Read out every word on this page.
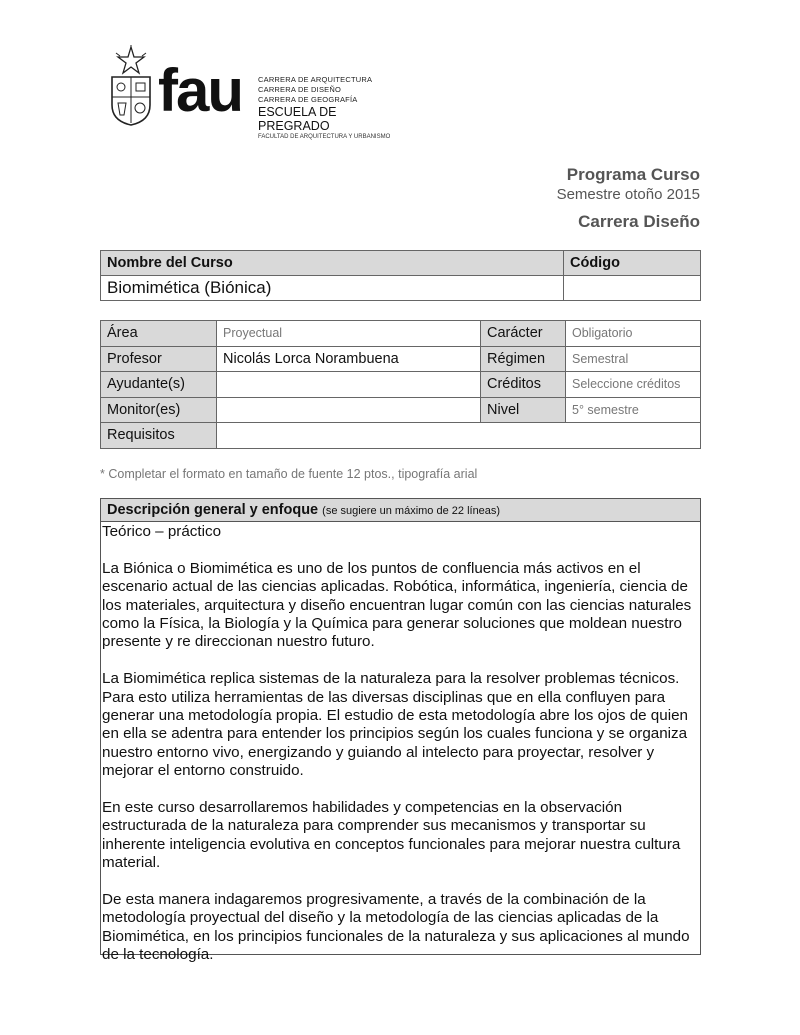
fau CARRERA DE ARQUITECTURA
CARRERA DE DISEÑO
CARRERA DE GEOGRAFÍA
ESCUELA DE PREGRADO
FACULTAD DE ARQUITECTURA Y URBANISMO
Programa Curso
Semestre otoño 2015
Carrera Diseño
Nombre del Curso	Código
Biomimética (Biónica)	
Área	Proyectual	Carácter	Obligatorio
Profesor	Nicolás Lorca Norambuena	Régimen	Semestral
Ayudante(s)		Créditos	Seleccione créditos
Monitor(es)		Nivel	5° semestre
Requisitos			
* Completar el formato en tamaño de fuente 12 ptos., tipografía arial
Descripción general y enfoque (se sugiere un máximo de 22 líneas)

Teórico – práctico

La Biónica o Biomimética es uno de los puntos de confluencia más activos en el escenario actual de las ciencias aplicadas. Robótica, informática, ingeniería, ciencia de los materiales, arquitectura y diseño encuentran lugar común con las ciencias naturales como la Física, la Biología y la Química para generar soluciones que moldean nuestro presente y re direccionan nuestro futuro.

La Biomimética replica sistemas de la naturaleza para la resolver problemas técnicos. Para esto utiliza herramientas de las diversas disciplinas que en ella confluyen para generar una metodología propia. El estudio de esta metodología abre los ojos de quien en ella se adentra para entender los principios según los cuales funciona y se organiza nuestro entorno vivo, energizando y guiando al intelecto para proyectar, resolver y mejorar el entorno construido.

En este curso desarrollaremos habilidades y competencias en la observación estructurada de la naturaleza para comprender sus mecanismos y transportar su inherente inteligencia evolutiva en conceptos funcionales para mejorar nuestra cultura material.

De esta manera indagaremos progresivamente, a través de la combinación de la metodología proyectual del diseño y la metodología de las ciencias aplicadas de la Biomimética, en los principios funcionales de la naturaleza y sus aplicaciones al mundo de la tecnología.
